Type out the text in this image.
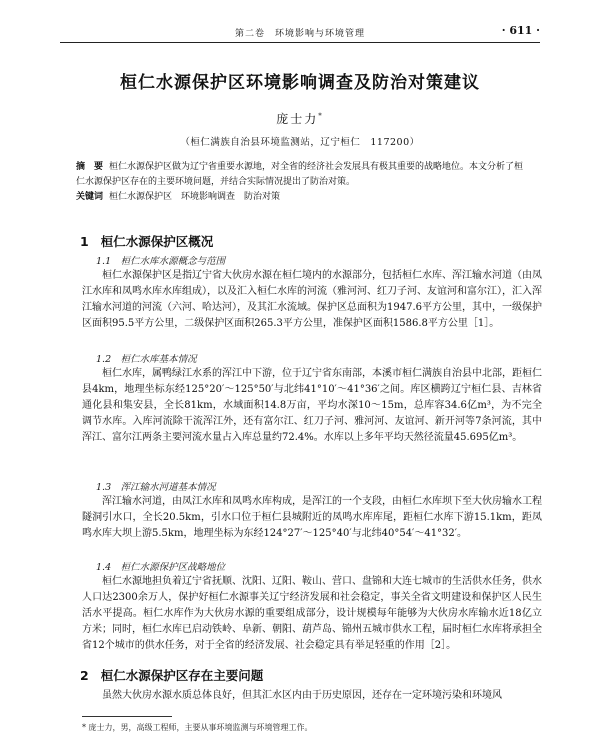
第二卷　环境影响与环境管理	· 611 ·
桓仁水源保护区环境影响调查及防治对策建议
庞士力*
（桓仁满族自治县环境监测站，辽宁桓仁　117200）

摘　要 桓仁水源保护区做为辽宁省重要水源地，对全省的经济社会发展具有极其重要的战略地位。本文分析了桓仁水源保护区存在的主要环境问题，并结合实际情况提出了防治对策。

关键词 桓仁水源保护区　环境影响调查　防治对策

1 桓仁水源保护区概况
1.1　桓仁水库水源概念与范围

桓仁水源保护区是指辽宁省大伙房水源在桓仁境内的水源部分，包括桓仁水库、浑江输水河道（由凤江水库和凤鸣水库水库组成），以及汇入桓仁水库的河流（雅河河、红刀子河、友谊河和富尔江），汇入浑江输水河道的河流（六河、哈达河），及其汇水流域。保护区总面积为1947.6平方公里，其中，一级保护区面积95.5平方公里，二级保护区面积265.3平方公里，准保护区面积1586.8平方公里［1］。

1.2　桓仁水库基本情况

桓仁水库，属鸭绿江水系的浑江中下游，位于辽宁省东南部，本溪市桓仁满族自治县中北部，距桓仁县4km，地理坐标东经125°20′～125°50′与北纬41°10′～41°36′之间。库区横跨辽宁桓仁县、吉林省通化县和集安县，全长81km，水域面积14.8万亩，平均水深10～15m，总库容34.6亿m³，为不完全调节水库。入库河流除干流浑江外，还有富尔江、红刀子河、雅河河、友谊河、新开河等7条河流，其中浑江、富尔江两条主要河流水量占入库总量约72.4%。水库以上多年平均天然径流量45.695亿m³。

1.3　浑江输水河道基本情况

浑江输水河道，由凤江水库和凤鸣水库构成，是浑江的一个支段，由桓仁水库坝下至大伙房输水工程隧洞引水口，全长20.5km，引水口位于桓仁县城附近的凤鸣水库库尾，距桓仁水库下游15.1km，距凤鸣水库大坝上游5.5km，地理坐标为东经124°27′～125°40′与北纬40°54′～41°32′。

1.4　桓仁水源保护区战略地位

桓仁水源地担负着辽宁省抚顺、沈阳、辽阳、鞍山、营口、盘锦和大连七城市的生活供水任务，供水人口达2300余万人，保护好桓仁水源事关辽宁经济发展和社会稳定，事关全省文明建设和保护区人民生活水平提高。桓仁水库作为大伙房水源的重要组成部分，设计规模每年能够为大伙房水库输水近18亿立方米；同时，桓仁水库已启动铁岭、阜新、朝阳、葫芦岛、锦州五城市供水工程，届时桓仁水库将承担全省12个城市的供水任务，对于全省的经济发展、社会稳定具有举足轻重的作用［2］。

2 桓仁水源保护区存在主要问题

虽然大伙房水源水质总体良好，但其汇水区内由于历史原因，还存在一定环境污染和环境风

* 庞士力，男，高级工程师，主要从事环境监测与环境管理工作。
